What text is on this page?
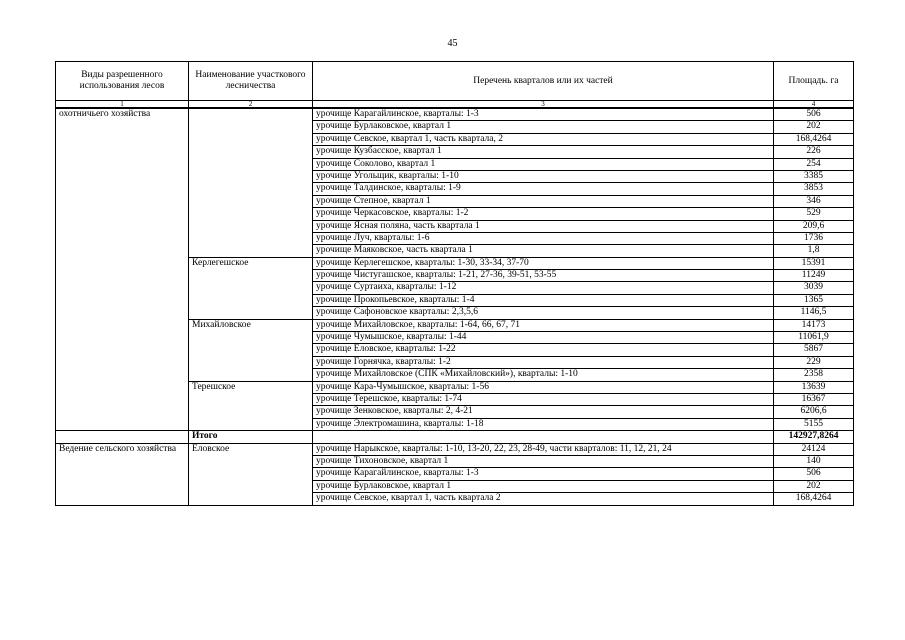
45
Виды разрешенного использования лесов	Наименование участкового лесничества	Перечень кварталов или их частей	Площадь. га
1	2	3	4
охотничьего хозяйства		урочище Карагайлинское, кварталы: 1-3	506
		урочище Бурлаковское, квартал 1	202
		урочище Севское, квартал 1, часть квартала, 2	168,4264
		урочище Кузбасское, квартал 1	226
		урочище Соколово, квартал 1	254
		урочище Угольщик, кварталы: 1-10	3385
		урочище Талдинское, кварталы: 1-9	3853
		урочище Степное, квартал 1	346
		урочище Черкасовское, кварталы: 1-2	529
		урочище Ясная поляна, часть квартала 1	209,6
		урочище Луч, кварталы: 1-6	1736
		урочище Маяковское, часть квартала 1	1,8
	Керлегешское	урочище Керлегешское, кварталы: 1-30, 33-34, 37-70	15391
		урочище Чистугашское, кварталы: 1-21, 27-36, 39-51, 53-55	11249
		урочище Суртаиха, кварталы: 1-12	3039
		урочище Прокопьевское, кварталы: 1-4	1365
		урочище Сафоновское кварталы: 2,3,5,6	1146,5
	Михайловское	урочище Михайловское, кварталы: 1-64, 66, 67, 71	14173
		урочище Чумышское, кварталы: 1-44	11061,9
		урочище Еловское, кварталы: 1-22	5867
		урочище Горнячка, кварталы: 1-2	229
		урочище Михайловское (СПК «Михайловский»), кварталы: 1-10	2358
	Терешское	урочище Кара-Чумышское, кварталы: 1-56	13639
		урочище Терешское, кварталы: 1-74	16367
		урочище Зенковское, кварталы: 2, 4-21	6206,6
		урочище Электромашина, кварталы: 1-18	5155
	Итого		142927,8264
Ведение сельского хозяйства	Еловское	урочище Нарыкское, кварталы: 1-10, 13-20, 22, 23, 28-49, части кварталов: 11, 12, 21, 24	24124
		урочище Тихоновское, квартал 1	140
		урочище Карагайлинское, кварталы: 1-3	506
		урочище Бурлаковское, квартал 1	202
		урочище Севское, квартал 1, часть квартала 2	168,4264
